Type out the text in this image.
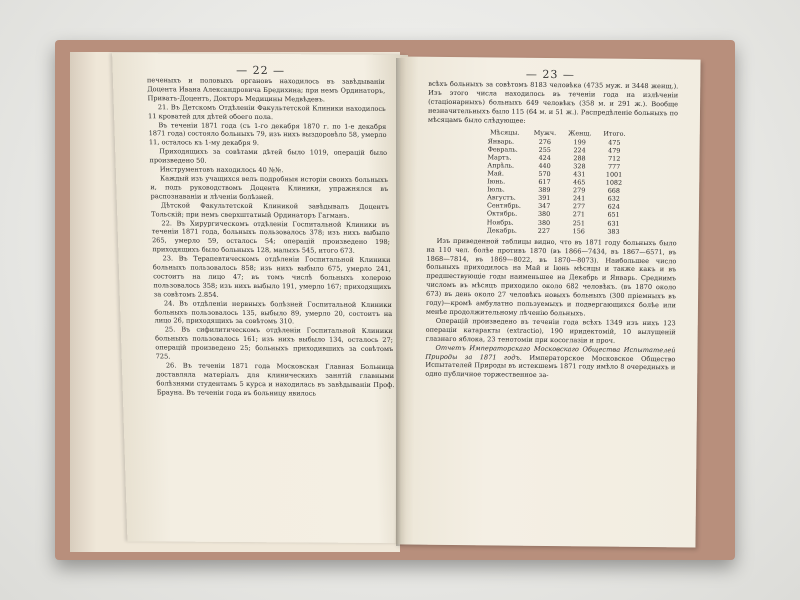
— 22 —

печеныхъ и половыхъ органовъ находилось въ завѣдываніи Доцента Ивана Александровича Бредихина; при немъ Ординаторъ, Приватъ-Доцентъ, Докторъ Медицины Медвѣдевъ.

21. Въ Детскомъ Отдѣленіи Факультетской Клиники находилось 11 кроватей для дѣтей обоего пола.

Въ теченіи 1871 года (съ 1-го декабря 1870 г. по 1-е декабря 1871 года) состояло больныхъ 79, изъ нихъ выздоровѣло 58, умерло 11, осталось къ 1-му декабря 9.

Приходящихъ за совѣтами дѣтей было 1019, операцій было произведено 50.

Инструментовъ находилось 40 №№.

Каждый изъ учащихся велъ подробныя исторіи своихъ больныхъ и, подъ руководствомъ Доцента Клиники, упражнялся въ распознаваніи и лѣченіи болѣзней.

Дѣтской Факультетской Клиникой завѣдывалъ Доцентъ Тольскій; при немъ сверхштатный Ординаторъ Гагманъ.

22. Въ Хирургическомъ отдѣленіи Госпитальной Клиники въ теченіи 1871 года, больныхъ пользовалось 378; изъ нихъ выбыло 265, умерло 59, осталось 54; операцій произведено 198; приходящихъ было больныхъ 128, малыхъ 545, итого 673.

23. Въ Терапевтическомъ отдѣленіи Госпитальной Клиники больныхъ пользовалось 858; изъ нихъ выбыло 675, умерло 241, состоитъ на лицо 47; въ томъ числѣ больныхъ холерою пользовалось 358; изъ нихъ выбыло 191, умерло 167; приходящихъ за совѣтомъ 2.854.

24. Въ отдѣленіи нервныхъ болѣзней Госпитальной Клиники больныхъ пользовалось 135, выбыло 89, умерло 20, состоитъ на лицо 26, приходящихъ за совѣтомъ 310.

25. Въ сифилитическомъ отдѣленіи Госпитальной Клиники больныхъ пользовалось 161; изъ нихъ выбыло 134, осталось 27; операцій произведено 25; больныхъ приходившихъ за совѣтомъ 725.

26. Въ теченіи 1871 года Московская Главная Больница доставляла матеріалъ для клиническихъ занятій главными болѣзнями студентамъ 5 курса и находилась въ завѣдываніи Проф. Брауна. Въ теченіи года въ больницу явилось

— 23 —

всѣхъ больныхъ за совѣтомъ 8183 человѣка (4735 муж. и 3448 женщ.). Изъ этого числа находилось въ теченіи года на излѣченіи (стаціонарныхъ) больныхъ 649 человѣкъ (358 м. и 291 ж.). Вообще незначительныхъ было 115 (64 м. и 51 ж.). Распредѣленіе больныхъ по мѣсяцамъ было слѣдующее:

Мѣсяцы.	Мужч.	Женщ.	Итого.
Январь.	276	199	475
Февраль.	255	224	479
Мартъ.	424	288	712
Апрѣль.	440	328	777
Май.	570	431	1001
Іюнь.	617	465	1082
Іюль.	389	279	668
Августъ.	391	241	632
Сентябрь.	347	277	624
Октябрь.	380	271	651
Ноябрь.	380	251	631
Декабрь.	227	156	383

Изъ приведенной таблицы видно, что въ 1871 году больныхъ было на 110 чел. болѣе противъ 1870 (въ 1866—7434, въ 1867—6571, въ 1868—7814, въ 1869—8022, въ 1870—8073). Наибольшее число больныхъ приходилось на Май и Іюнь мѣсяцы и также какъ и въ предшествующіе годы наименьшее на Декабрь и Январь. Среднимъ числомъ въ мѣсяцъ приходило около 682 человѣкъ. (въ 1870 около 673) въ день около 27 человѣкъ новыхъ больныхъ (300 пріемныхъ въ году)—кромѣ амбулатно пользуемыхъ и подвергающихся болѣе или менѣе продолжительному лѣченію больныхъ.

Операцій произведено въ теченіи года всѣхъ 1349 изъ нихъ 123 операціи катаракты (extractio), 190 иридектомій, 10 вылущеній глазнаго яблока, 23 тенотоміи при косоглазіи и проч.

Отчетъ Императорскаго Московскаго Общества Испытателей Природы за 1871 годъ. Императорское Московское Общество Испытателей Природы въ истекшемъ 1871 году имѣло 8 очередныхъ и одно публичное торжественное за-
